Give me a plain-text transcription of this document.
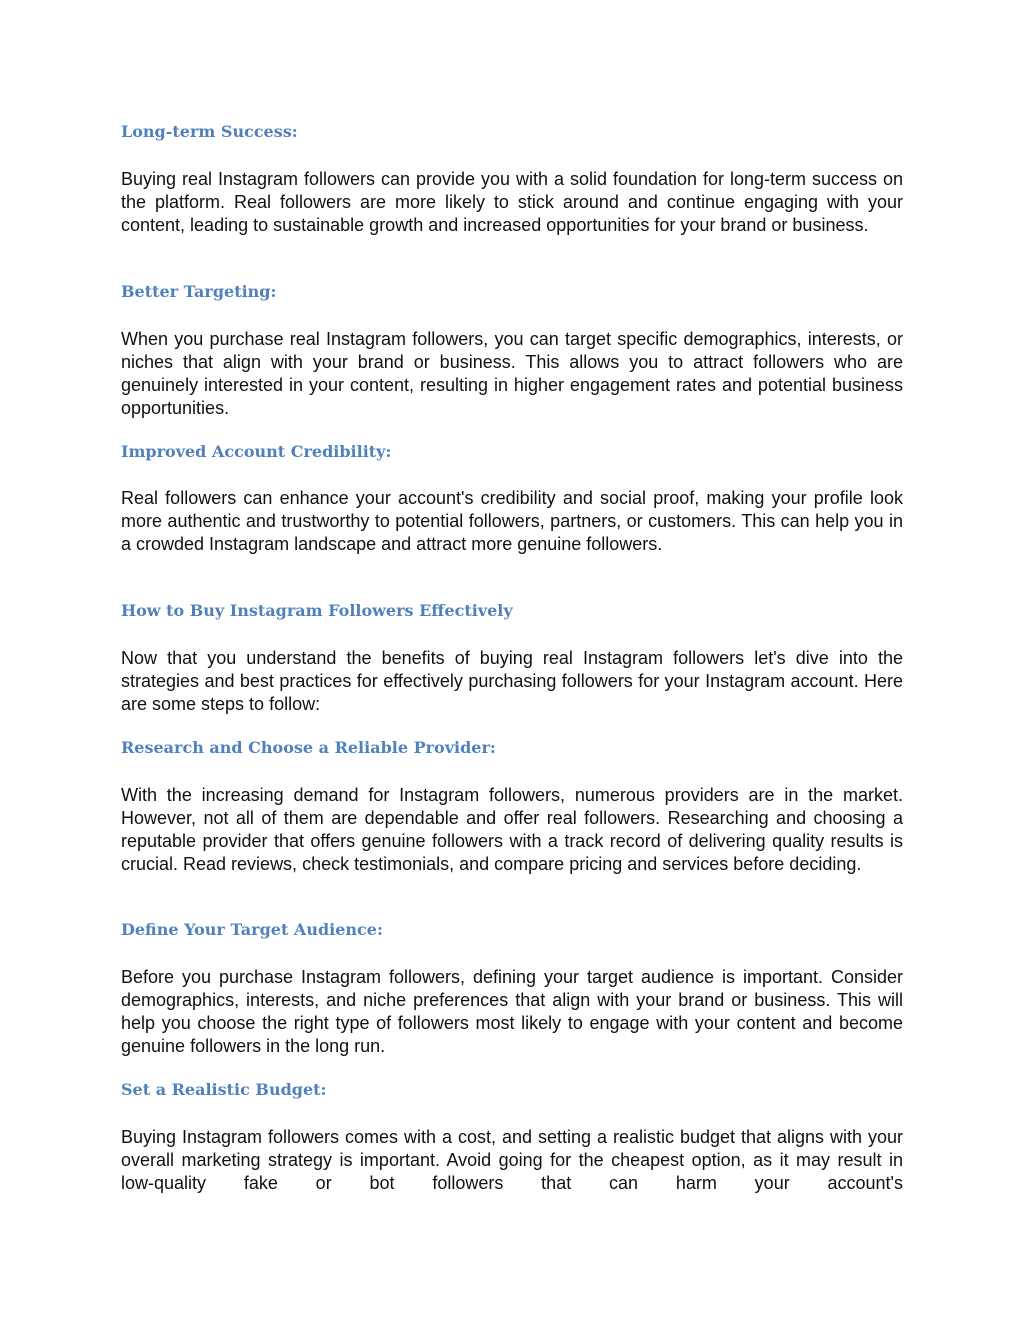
Long-term Success:

Buying real Instagram followers can provide you with a solid foundation for long-term success on the platform. Real followers are more likely to stick around and continue engaging with your content, leading to sustainable growth and increased opportunities for your brand or business.

Better Targeting:

When you purchase real Instagram followers, you can target specific demographics, interests, or niches that align with your brand or business. This allows you to attract followers who are genuinely interested in your content, resulting in higher engagement rates and potential business opportunities.

Improved Account Credibility:

Real followers can enhance your account's credibility and social proof, making your profile look more authentic and trustworthy to potential followers, partners, or customers. This can help you in a crowded Instagram landscape and attract more genuine followers.

How to Buy Instagram Followers Effectively

Now that you understand the benefits of buying real Instagram followers let's dive into the strategies and best practices for effectively purchasing followers for your Instagram account. Here are some steps to follow:

Research and Choose a Reliable Provider:

With the increasing demand for Instagram followers, numerous providers are in the market. However, not all of them are dependable and offer real followers. Researching and choosing a reputable provider that offers genuine followers with a track record of delivering quality results is crucial. Read reviews, check testimonials, and compare pricing and services before deciding.

Define Your Target Audience:

Before you purchase Instagram followers, defining your target audience is important. Consider demographics, interests, and niche preferences that align with your brand or business. This will help you choose the right type of followers most likely to engage with your content and become genuine followers in the long run.

Set a Realistic Budget:

Buying Instagram followers comes with a cost, and setting a realistic budget that aligns with your overall marketing strategy is important. Avoid going for the cheapest option, as it may result in low-quality fake or bot followers that can harm your account's
